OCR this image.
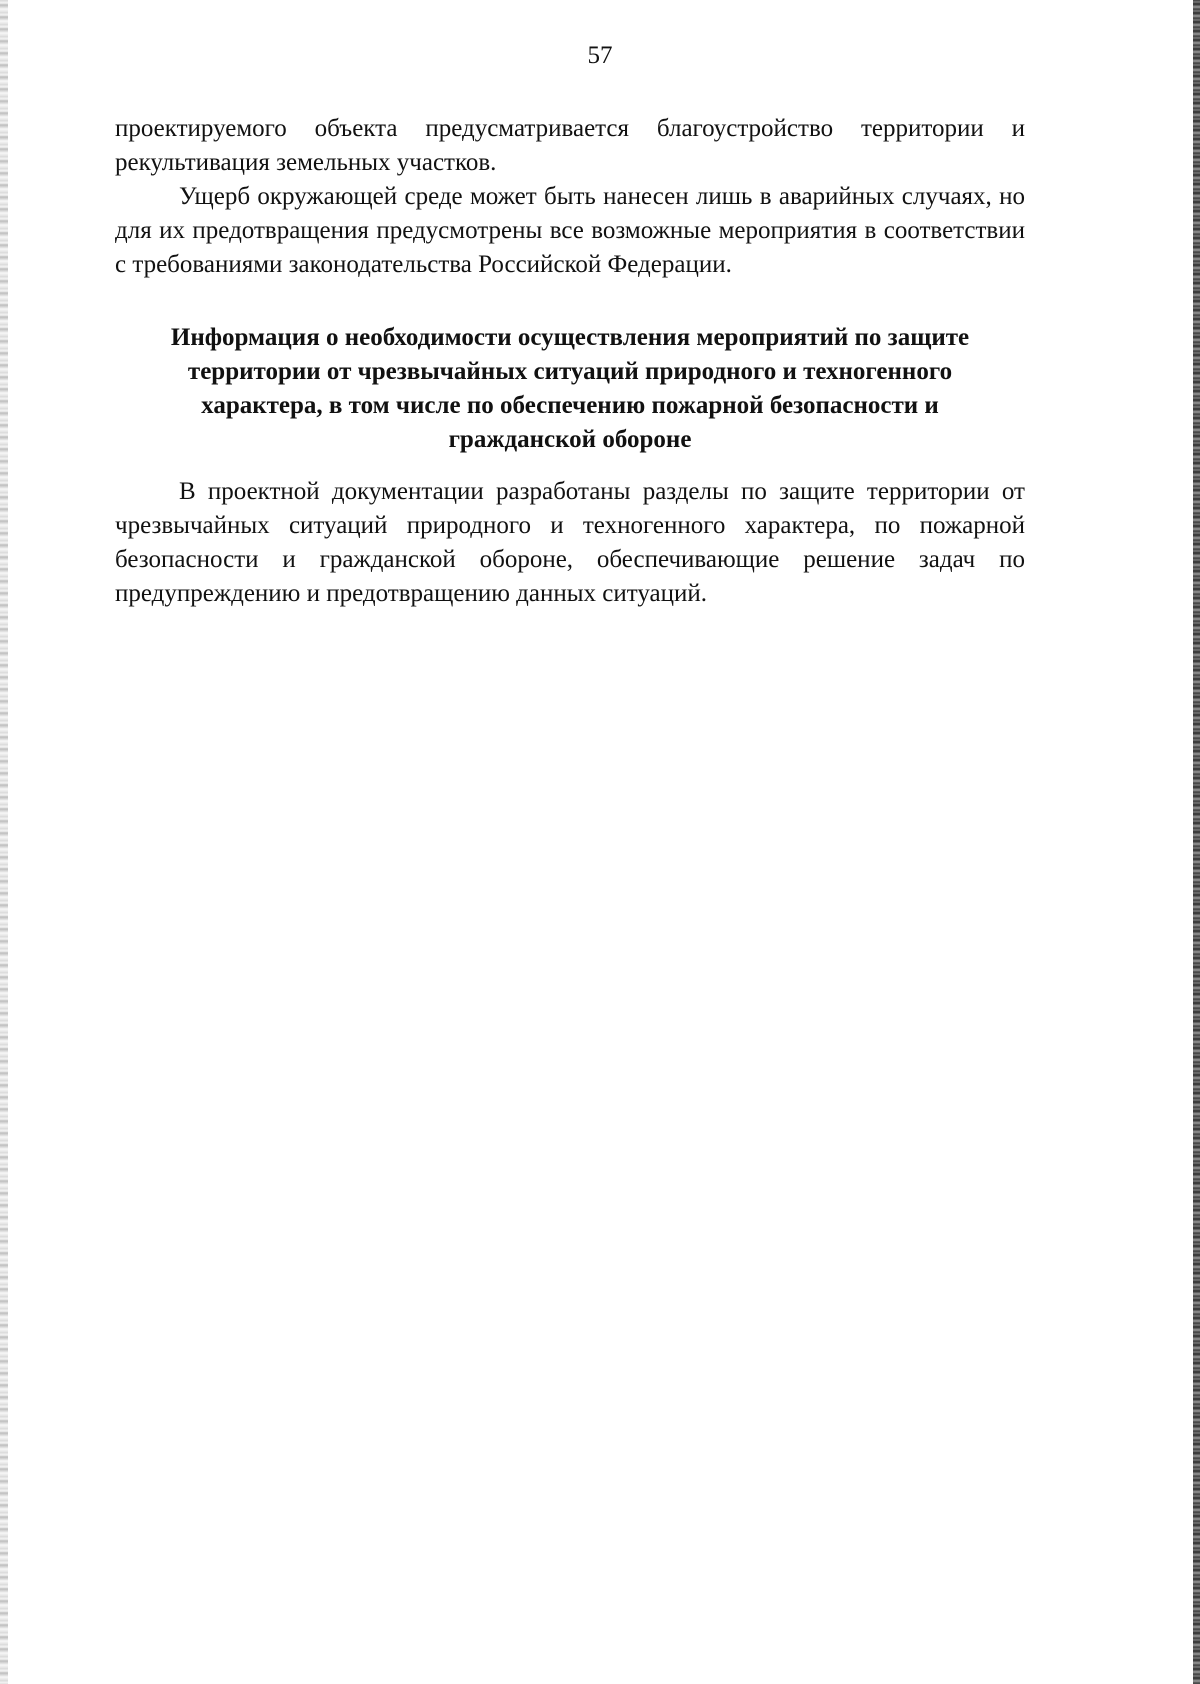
57

проектируемого объекта предусматривается благоустройство территории и рекультивация земельных участков.

Ущерб окружающей среде может быть нанесен лишь в аварийных случаях, но для их предотвращения предусмотрены все возможные мероприятия в соответствии с требованиями законодательства Российской Федерации.

Информация о необходимости осуществления мероприятий по защите
территории от чрезвычайных ситуаций природного и техногенного
характера, в том числе по обеспечению пожарной безопасности и
гражданской обороне

В проектной документации разработаны разделы по защите территории от чрезвычайных ситуаций природного и техногенного характера, по пожарной безопасности и гражданской обороне, обеспечивающие решение задач по предупреждению и предотвращению данных ситуаций.
